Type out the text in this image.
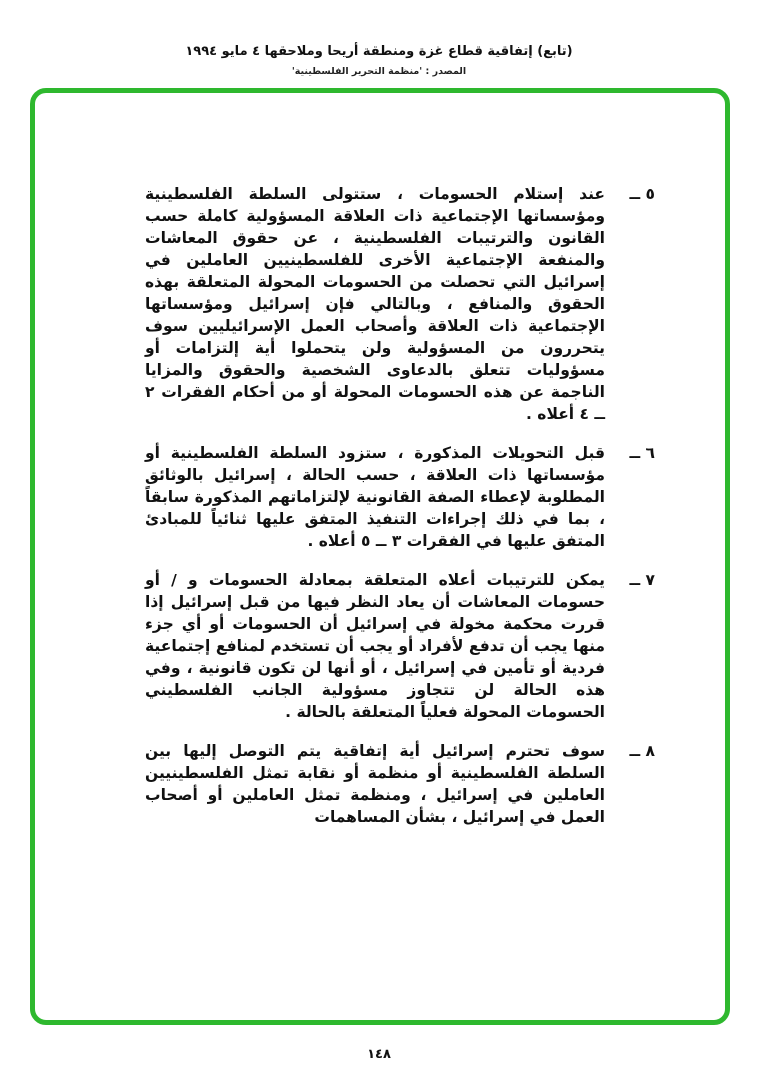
(تابع) إتفاقية قطاع غزة ومنطقة أريحا وملاحقها ٤ مايو ١٩٩٤
المصدر : 'منظمة التحرير الفلسطينية'
٥ ــ
عند إستلام الحسومات ، ستتولى السلطة الفلسطينية ومؤسساتها الإجتماعية ذات العلاقة المسؤولية كاملة حسب القانون والترتيبات الفلسطينية ، عن حقوق المعاشات والمنفعة الإجتماعية الأخرى للفلسطينيين العاملين في إسرائيل التي تحصلت من الحسومات المحولة المتعلقة بهذه الحقوق والمنافع ، وبالتالي فإن إسرائيل ومؤسساتها الإجتماعية ذات العلاقة وأصحاب العمل الإسرائيليين سوف يتحررون من المسؤولية ولن يتحملوا أية إلتزامات أو مسؤوليات تتعلق بالدعاوى الشخصية والحقوق والمزايا الناجمة عن هذه الحسومات المحولة أو من أحكام الفقرات ٢ ــ ٤ أعلاه .
٦ ــ
قبل التحويلات المذكورة ، ستزود السلطة الفلسطينية أو مؤسساتها ذات العلاقة ، حسب الحالة ، إسرائيل بالوثائق المطلوبة لإعطاء الصفة القانونية لإلتزاماتهم المذكورة سابقاً ، بما في ذلك إجراءات التنفيذ المتفق عليها ثنائياً للمبادئ المتفق عليها في الفقرات ٣ ــ ٥ أعلاه .
٧ ــ
يمكن للترتيبات أعلاه المتعلقة بمعادلة الحسومات و / أو حسومات المعاشات أن يعاد النظر فيها من قبل إسرائيل إذا قررت محكمة مخولة في إسرائيل أن الحسومات أو أي جزء منها يجب أن تدفع لأفراد أو يجب أن تستخدم لمنافع إجتماعية فردية أو تأمين في إسرائيل ، أو أنها لن تكون قانونية ، وفي هذه الحالة لن تتجاوز مسؤولية الجانب الفلسطيني الحسومات المحولة فعلياً المتعلقة بالحالة .
٨ ــ
سوف تحترم إسرائيل أية إتفاقية يتم التوصل إليها بين السلطة الفلسطينية أو منظمة أو نقابة تمثل الفلسطينيين العاملين في إسرائيل ، ومنظمة تمثل العاملين أو أصحاب العمل في إسرائيل ، بشأن المساهمات
١٤٨
